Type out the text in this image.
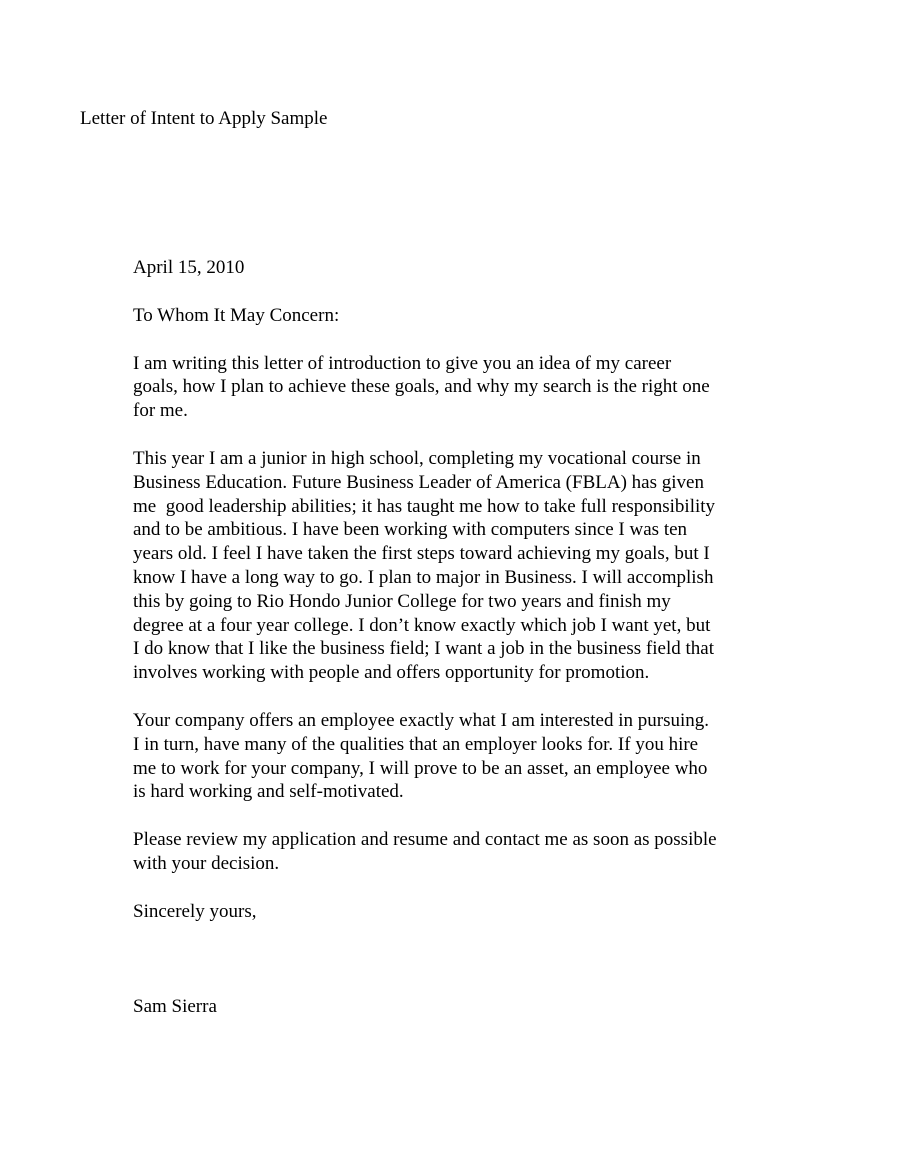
Letter of Intent to Apply Sample
April 15, 2010
To Whom It May Concern:
I am writing this letter of introduction to give you an idea of my career
goals, how I plan to achieve these goals, and why my search is the right one
for me.
This year I am a junior in high school, completing my vocational course in
Business Education. Future Business Leader of America (FBLA) has given
me  good leadership abilities; it has taught me how to take full responsibility
and to be ambitious. I have been working with computers since I was ten
years old. I feel I have taken the first steps toward achieving my goals, but I
know I have a long way to go. I plan to major in Business. I will accomplish
this by going to Rio Hondo Junior College for two years and finish my
degree at a four year college. I don’t know exactly which job I want yet, but
I do know that I like the business field; I want a job in the business field that
involves working with people and offers opportunity for promotion.
Your company offers an employee exactly what I am interested in pursuing.
I in turn, have many of the qualities that an employer looks for. If you hire
me to work for your company, I will prove to be an asset, an employee who
is hard working and self-motivated.
Please review my application and resume and contact me as soon as possible
with your decision.
Sincerely yours,
Sam Sierra
